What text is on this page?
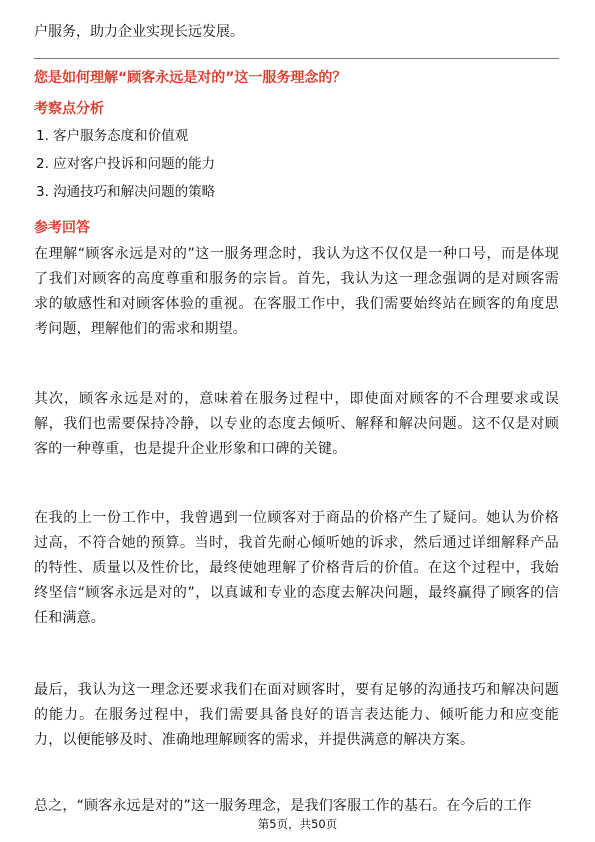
户服务，助力企业实现长远发展。
您是如何理解“顾客永远是对的”这一服务理念的？
考察点分析
1. 客户服务态度和价值观
2. 应对客户投诉和问题的能力
3. 沟通技巧和解决问题的策略
参考回答
在理解“顾客永远是对的”这一服务理念时，我认为这不仅仅是一种口号，而是体现了我们对顾客的高度尊重和服务的宗旨。首先，我认为这一理念强调的是对顾客需求的敏感性和对顾客体验的重视。在客服工作中，我们需要始终站在顾客的角度思考问题，理解他们的需求和期望。
其次，顾客永远是对的，意味着在服务过程中，即使面对顾客的不合理要求或误解，我们也需要保持冷静，以专业的态度去倾听、解释和解决问题。这不仅是对顾客的一种尊重，也是提升企业形象和口碑的关键。
在我的上一份工作中，我曾遇到一位顾客对于商品的价格产生了疑问。她认为价格过高，不符合她的预算。当时，我首先耐心倾听她的诉求，然后通过详细解释产品的特性、质量以及性价比，最终使她理解了价格背后的价值。在这个过程中，我始终坚信“顾客永远是对的”，以真诚和专业的态度去解决问题，最终赢得了顾客的信任和满意。
最后，我认为这一理念还要求我们在面对顾客时，要有足够的沟通技巧和解决问题的能力。在服务过程中，我们需要具备良好的语言表达能力、倾听能力和应变能力，以便能够及时、准确地理解顾客的需求，并提供满意的解决方案。
总之，“顾客永远是对的”这一服务理念，是我们客服工作的基石。在今后的工作
第5页，共50页
